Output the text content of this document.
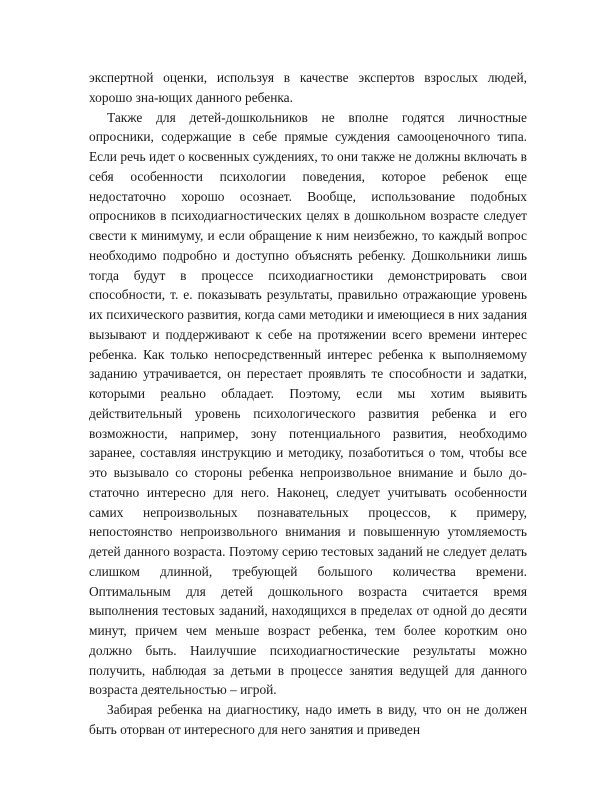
экспертной оценки, используя в качестве экспертов взрослых людей, хорошо зна-ющих данного ребенка.

Также для детей-дошкольников не вполне годятся личностные опросники, содержащие в себе прямые суждения самооценочного типа. Если речь идет о косвенных суждениях, то они также не должны включать в себя особенности психологии поведения, которое ребенок еще недостаточно хорошо осознает. Вообще, использование подобных опросников в психодиагностических целях в дошкольном возрасте следует свести к минимуму, и если обращение к ним неизбежно, то каждый вопрос необходимо подробно и доступно объяснять ребенку. Дошкольники лишь тогда будут в процессе психодиагностики демонстрировать свои способности, т. е. показывать результаты, правильно отражающие уровень их психического развития, когда сами методики и имеющиеся в них задания вызывают и поддерживают к себе на протяжении всего времени интерес ребенка. Как только непосредственный интерес ребенка к выполняемому заданию утрачивается, он перестает проявлять те способности и задатки, которыми реально обладает. Поэтому, если мы хотим выявить действительный уровень психологического развития ребенка и его возможности, например, зону потенциального развития, необходимо заранее, составляя инструкцию и методику, позаботиться о том, чтобы все это вызывало со стороны ребенка непроизвольное внимание и было до-статочно интересно для него. Наконец, следует учитывать особенности самих непроизвольных познавательных процессов, к примеру, непостоянство непроизвольного внимания и повышенную утомляемость детей данного возраста. Поэтому серию тестовых заданий не следует делать слишком длинной, требующей большого количества времени. Оптимальным для детей дошкольного возраста считается время выполнения тестовых заданий, находящихся в пределах от одной до десяти минут, причем чем меньше возраст ребенка, тем более коротким оно должно быть. Наилучшие психодиагностические результаты можно получить, наблюдая за детьми в процессе занятия ведущей для данного возраста деятельностью – игрой.

Забирая ребенка на диагностику, надо иметь в виду, что он не должен быть оторван от интересного для него занятия и приведен
